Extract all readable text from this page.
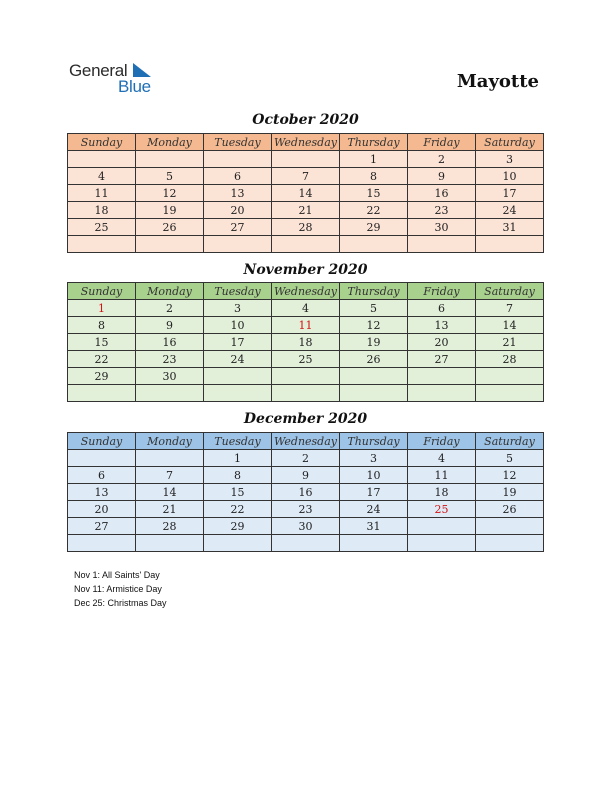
General
Blue	Mayotte
October 2020
Sunday	Monday	Tuesday	Wednesday	Thursday	Friday	Saturday
				1	2	3
4	5	6	7	8	9	10
11	12	13	14	15	16	17
18	19	20	21	22	23	24
25	26	27	28	29	30	31

November 2020
Sunday	Monday	Tuesday	Wednesday	Thursday	Friday	Saturday
1	2	3	4	5	6	7
8	9	10	11	12	13	14
15	16	17	18	19	20	21
22	23	24	25	26	27	28
29	30					

December 2020
Sunday	Monday	Tuesday	Wednesday	Thursday	Friday	Saturday
		1	2	3	4	5
6	7	8	9	10	11	12
13	14	15	16	17	18	19
20	21	22	23	24	25	26
27	28	29	30	31		

Nov 1: All Saints' Day
Nov 11: Armistice Day
Dec 25: Christmas Day
